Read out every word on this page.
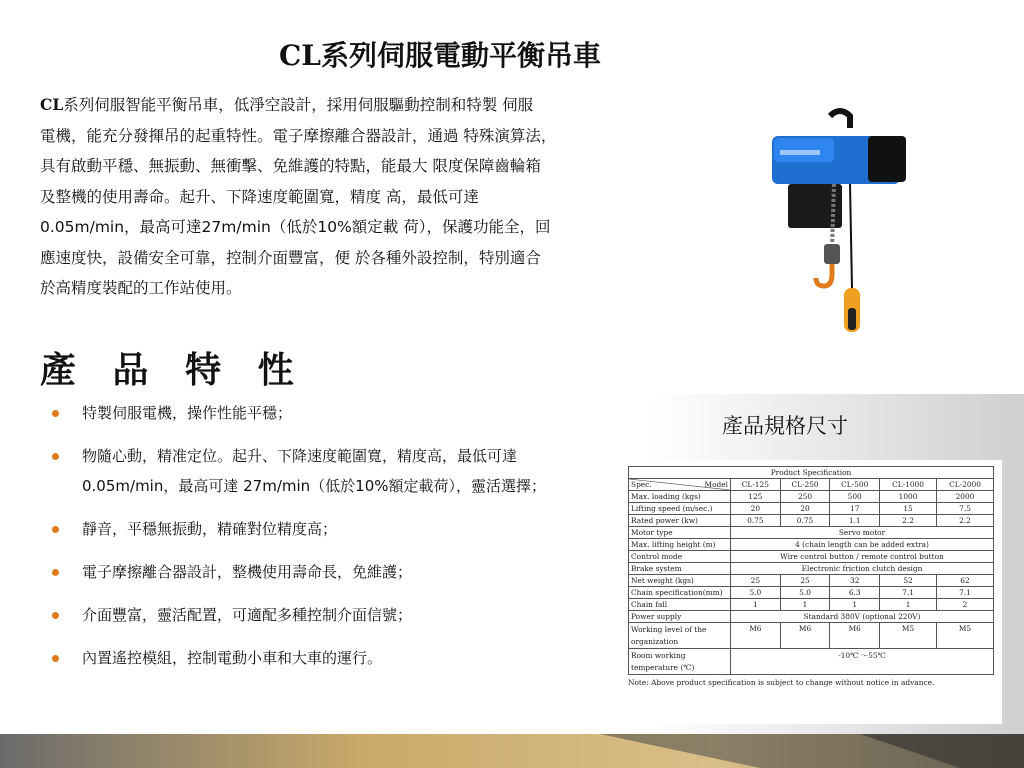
CL系列伺服電動平衡吊車
CL系列伺服智能平衡吊車，低淨空設計，採用伺服驅動控制和特製 伺服
電機，能充分發揮吊的起重特性。電子摩擦離合器設計，通過 特殊演算法，
具有啟動平穩、無振動、無衝擊、免維護的特點，能最大 限度保障齒輪箱
及整機的使用壽命。起升、下降速度範圍寬，精度 高，最低可達
0.05m/min，最高可達27m/min（低於10%額定載 荷），保護功能全，回
應速度快，設備安全可靠，控制介面豐富，便 於各種外設控制，特別適合
於高精度裝配的工作站使用。
產 品 特 性
特製伺服電機，操作性能平穩；
物隨心動，精准定位。起升、下降速度範圍寬，精度高，最低可達
0.05m/min，最高可達 27m/min（低於10%額定載荷），靈活選擇；
靜音，平穩無振動，精確對位精度高；
電子摩擦離合器設計，整機使用壽命長，免維護；
介面豐富，靈活配置，可適配多種控制介面信號；
內置遙控模組，控制電動小車和大車的運行。
產品規格尺寸
Product Specification					

Spec. Model	CL-125	CL-250	CL-500	CL-1000	CL-2000
Max. loading (kgs)	125	250	500	1000	2000
Lifting speed (m/sec.)	20	20	17	15	7.5
Rated power (kw)	0.75	0.75	1.1	2.2	2.2
Motor type	Servo motor				
Max. lifting height (m)	4 (chain length can be added extra)				
Control mode	Wire control button / remote control button				
Brake system	Electronic friction clutch design				
Net weight (kgs)	25	25	32	52	62
Chain specification(mm)	5.0	5.0	6.3	7.1	7.1
Chain fall	1	1	1	1	2
Power supply	Standard 380V (optional 220V)				

Working level of the
organization	M6	M6	M6	M5	M5

Room working
temperature (℃)	-10℃ ～55℃				
Note: Above product specification is subject to change without notice in advance.
